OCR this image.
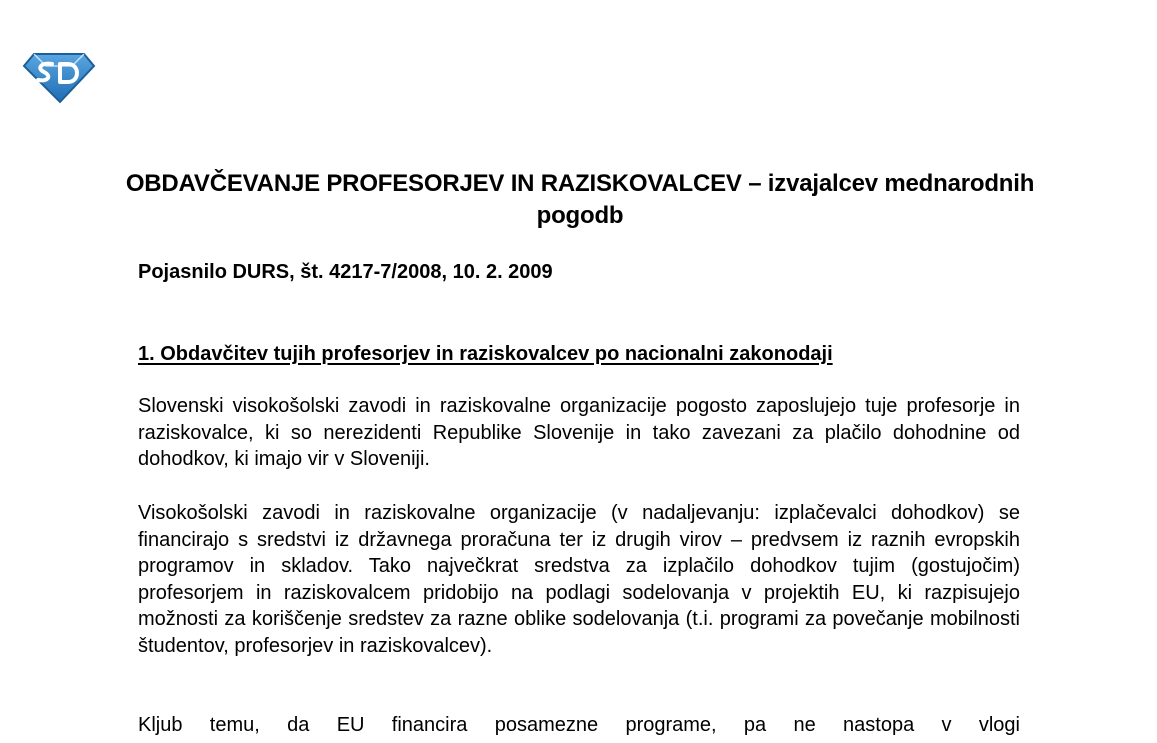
OBDAVČEVANJE PROFESORJEV IN RAZISKOVALCEV – izvajalcev mednarodnih pogodb
Pojasnilo DURS, št. 4217-7/2008, 10. 2. 2009
1. Obdavčitev tujih profesorjev in raziskovalcev po nacionalni zakonodaji

Slovenski visokošolski zavodi in raziskovalne organizacije pogosto zaposlujejo tuje profesorje in raziskovalce, ki so nerezidenti Republike Slovenije in tako zavezani za plačilo dohodnine od dohodkov, ki imajo vir v Sloveniji.

Visokošolski zavodi in raziskovalne organizacije (v nadaljevanju: izplačevalci dohodkov) se financirajo s sredstvi iz državnega proračuna ter iz drugih virov – predvsem iz raznih evropskih programov in skladov. Tako največkrat sredstva za izplačilo dohodkov tujim (gostujočim) profesorjem in raziskovalcem pridobijo na podlagi sodelovanja v projektih EU, ki razpisujejo možnosti za koriščenje sredstev za razne oblike sodelovanja (t.i. programi za povečanje mobilnosti študentov, profesorjev in raziskovalcev).

Kljub temu, da EU financira posamezne programe, pa ne nastopa v vlogi
